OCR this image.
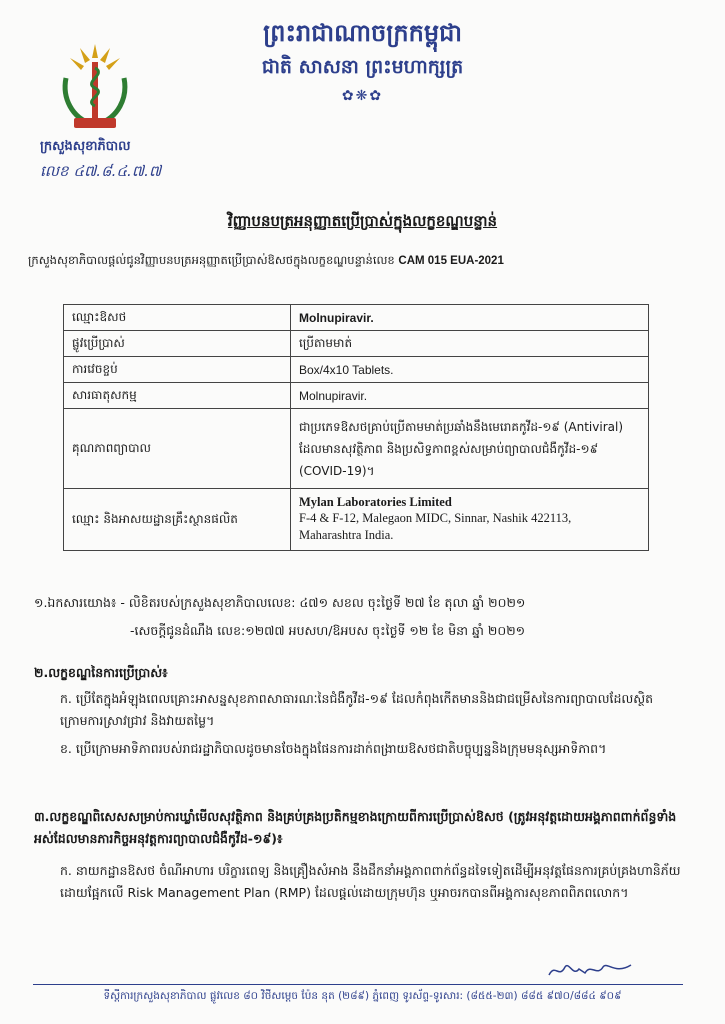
ព្រះរាជាណាចក្រកម្ពុជា
ជាតិ សាសនា ព្រះមហាក្សត្រ
✿❋✿
ក្រសួងសុខាភិបាល
លេខ ៤៧.៨.៤.៧.៧
វិញ្ញាបនបត្រអនុញ្ញាតប្រើប្រាស់ក្នុងលក្ខខណ្ឌបន្ទាន់
ក្រសួងសុខាភិបាលផ្តល់ជូនវិញ្ញាបនបត្រអនុញ្ញាតប្រើប្រាស់ឱសថក្នុងលក្ខខណ្ឌបន្ទាន់លេខ CAM 015 EUA-2021
ឈ្មោះឱសថ	Molnupiravir.
ផ្លូវប្រើប្រាស់	ប្រើតាមមាត់
ការវេចខ្ចប់	Box/4x10 Tablets.
សារធាតុសកម្ម	Molnupiravir.
គុណភាពព្យាបាល	ជាប្រភេទឱសថគ្រាប់ប្រើតាមមាត់ប្រឆាំងនឹងមេរោគកូវីដ-១៩ (Antiviral) ដែលមានសុវត្ថិភាព និងប្រសិទ្ធភាពខ្ពស់សម្រាប់ព្យាបាលជំងឺកូវីដ-១៩ (COVID-19)។
ឈ្មោះ និងអាសយដ្ឋានគ្រឹះស្ថានផលិត	Mylan Laboratories Limited
F-4 & F-12, Malegaon MIDC, Sinnar, Nashik 422113,
Maharashtra India.
១.ឯកសារយោង៖ - លិខិតរបស់ក្រសួងសុខាភិបាលលេខ: ៤៧១ សខល ចុះថ្ងៃទី ២៧ ខែ តុលា ឆ្នាំ ២០២១
-សេចក្តីជូនដំណឹង លេខ:១២៧៧ អបសហ/ឱអបស ចុះថ្ងៃទី ១២ ខែ មិនា ឆ្នាំ ២០២១
២.លក្ខខណ្ឌនៃការប្រើប្រាស់៖
ក. ប្រើតែក្នុងអំឡុងពេលគ្រោះអាសន្នសុខភាពសាធារណៈនៃជំងឺកូវីដ-១៩ ដែលកំពុងកើតមាននិងជាជម្រើសនៃការព្យាបាលដែលស្ថិតក្រោមការស្រាវជ្រាវ និងវាយតម្លៃ។
ខ. ប្រើក្រោមអាទិភាពរបស់រាជរដ្ឋាភិបាលដូចមានចែងក្នុងផែនការដាក់ពង្រាយឱសថជាតិបច្ចុប្បន្ននិងក្រុមមនុស្សអាទិភាព។
៣.លក្ខខណ្ឌពិសេសសម្រាប់ការឃ្លាំមើលសុវត្ថិភាព និងគ្រប់គ្រងប្រតិកម្មខាងក្រោយពីការប្រើប្រាស់ឱសថ (ត្រូវអនុវត្តដោយអង្គភាពពាក់ព័ន្ធទាំងអស់ដែលមានភារកិច្ចអនុវត្តការព្យាបាលជំងឺកូវីដ-១៩)៖
ក. នាយកដ្ឋានឱសថ ចំណីអាហារ បរិក្ខារពេទ្យ និងគ្រឿងសំអាង នឹងដឹកនាំអង្គភាពពាក់ព័ន្ធដទៃទៀតដើម្បីអនុវត្តផែនការគ្រប់គ្រងហានិភ័យ ដោយផ្អែកលើ Risk Management Plan (RMP) ដែលផ្តល់ដោយក្រុមហ៊ុន ឬអាចរកបានពីអង្គការសុខភាពពិភពលោក។
ទីស្តីការក្រសួងសុខាភិបាល ផ្លូវលេខ ៨០ វិថីសម្តេច ប៉ែន នុត (២៨៩) ភ្នំពេញ ទូរស័ព្ទ-ទូរសារ: (៨៥៥-២៣) ៨៨៥ ៩៧០/៨៨៤ ៩០៩
